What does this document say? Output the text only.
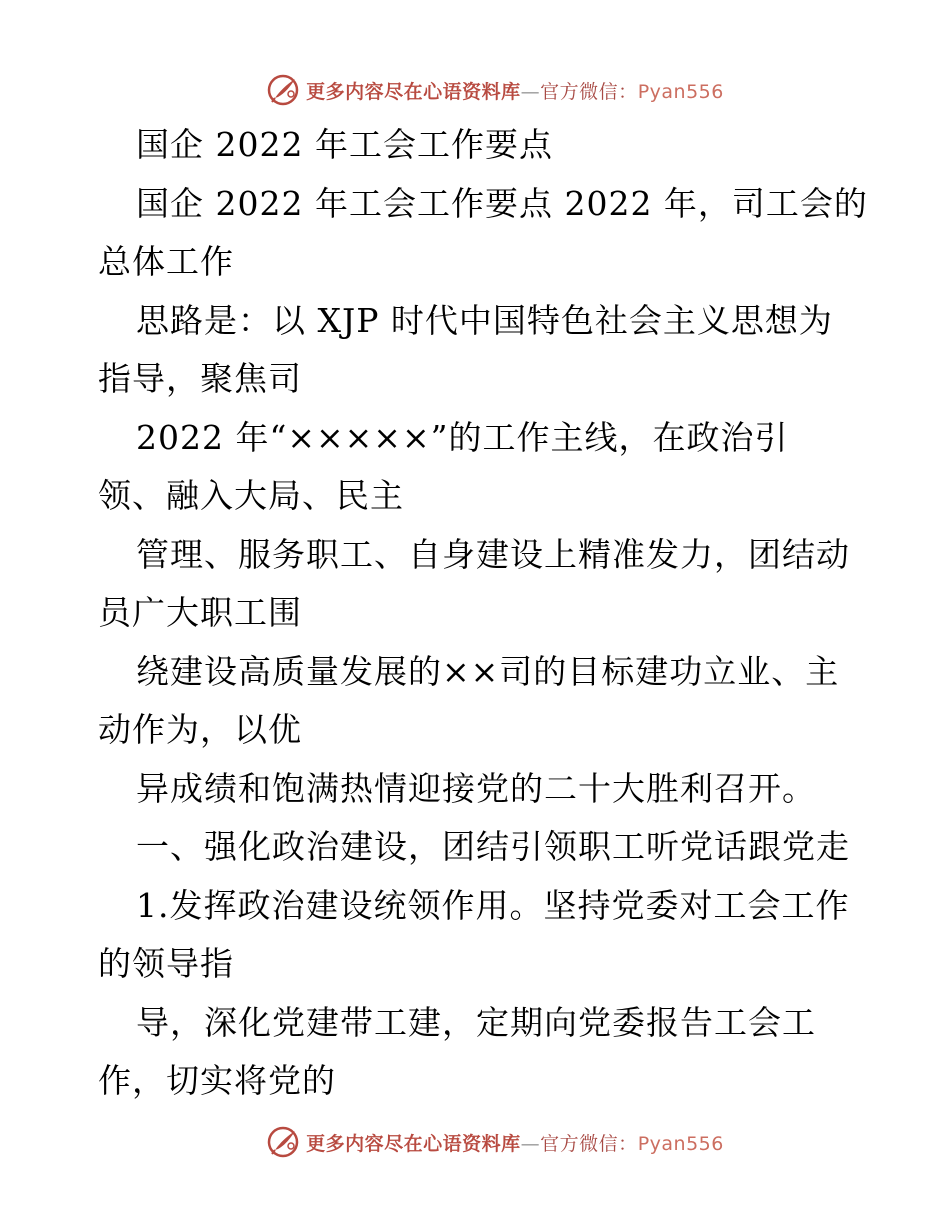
更多内容尽在心语资料库—官方微信：Pyan556
国企 2022 年工会工作要点
国企 2022 年工会工作要点 2022 年，司工会的
总体工作
思路是：以 XJP 时代中国特色社会主义思想为
指导，聚焦司
2022 年“×××××”的工作主线，在政治引
领、融入大局、民主
管理、服务职工、自身建设上精准发力，团结动
员广大职工围
绕建设高质量发展的××司的目标建功立业、主
动作为，以优
异成绩和饱满热情迎接党的二十大胜利召开。
一、强化政治建设，团结引领职工听党话跟党走
1.发挥政治建设统领作用。坚持党委对工会工作
的领导指
导，深化党建带工建，定期向党委报告工会工
作，切实将党的
更多内容尽在心语资料库—官方微信：Pyan556
